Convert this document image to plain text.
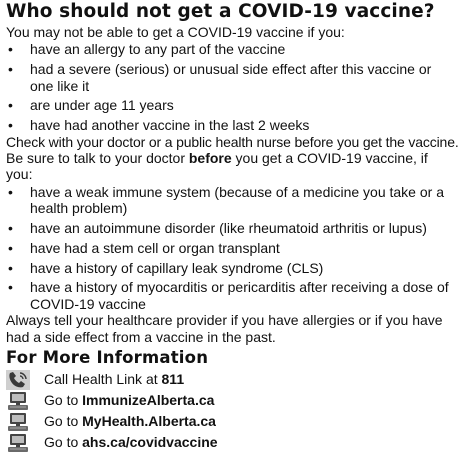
Who should not get a COVID-19 vaccine?

You may not be able to get a COVID-19 vaccine if you:

• have an allergy to any part of the vaccine
• had a severe (serious) or unusual side effect after this vaccine or one like it
• are under age 11 years
• have had another vaccine in the last 2 weeks

Check with your doctor or a public health nurse before you get the vaccine.

Be sure to talk to your doctor before you get a COVID-19 vaccine, if you:

• have a weak immune system (because of a medicine you take or a health problem)
• have an autoimmune disorder (like rheumatoid arthritis or lupus)
• have had a stem cell or organ transplant
• have a history of capillary leak syndrome (CLS)
• have a history of myocarditis or pericarditis after receiving a dose of COVID-19 vaccine

Always tell your healthcare provider if you have allergies or if you have had a side effect from a vaccine in the past.

For More Information
Call Health Link at 811
Go to ImmunizeAlberta.ca
Go to MyHealth.Alberta.ca
Go to ahs.ca/covidvaccine
